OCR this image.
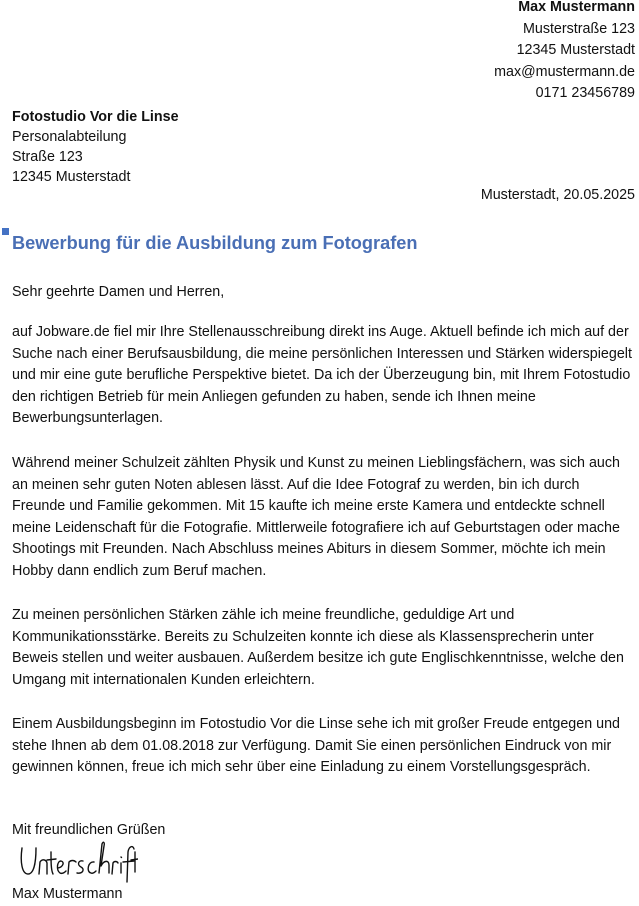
Max Mustermann
Musterstraße 123
12345 Musterstadt
max@mustermann.de
0171 23456789
Fotostudio Vor die Linse
Personalabteilung
Straße 123
12345 Musterstadt
Musterstadt, 20.05.2025
Bewerbung für die Ausbildung zum Fotografen

Sehr geehrte Damen und Herren,

auf Jobware.de fiel mir Ihre Stellenausschreibung direkt ins Auge. Aktuell befinde ich mich auf der Suche nach einer Berufsausbildung, die meine persönlichen Interessen und Stärken widerspiegelt und mir eine gute berufliche Perspektive bietet. Da ich der Überzeugung bin, mit Ihrem Fotostudio den richtigen Betrieb für mein Anliegen gefunden zu haben, sende ich Ihnen meine Bewerbungsunterlagen.

Während meiner Schulzeit zählten Physik und Kunst zu meinen Lieblingsfächern, was sich auch an meinen sehr guten Noten ablesen lässt. Auf die Idee Fotograf zu werden, bin ich durch Freunde und Familie gekommen. Mit 15 kaufte ich meine erste Kamera und entdeckte schnell meine Leidenschaft für die Fotografie. Mittlerweile fotografiere ich auf Geburtstagen oder mache Shootings mit Freunden. Nach Abschluss meines Abiturs in diesem Sommer, möchte ich mein Hobby dann endlich zum Beruf machen.

Zu meinen persönlichen Stärken zähle ich meine freundliche, geduldige Art und Kommunikationsstärke. Bereits zu Schulzeiten konnte ich diese als Klassensprecherin unter Beweis stellen und weiter ausbauen. Außerdem besitze ich gute Englischkenntnisse, welche den Umgang mit internationalen Kunden erleichtern.

Einem Ausbildungsbeginn im Fotostudio Vor die Linse sehe ich mit großer Freude entgegen und stehe Ihnen ab dem 01.08.2018 zur Verfügung. Damit Sie einen persönlichen Eindruck von mir gewinnen können, freue ich mich sehr über eine Einladung zu einem Vorstellungsgespräch.

Mit freundlichen Grüßen

Max Mustermann
